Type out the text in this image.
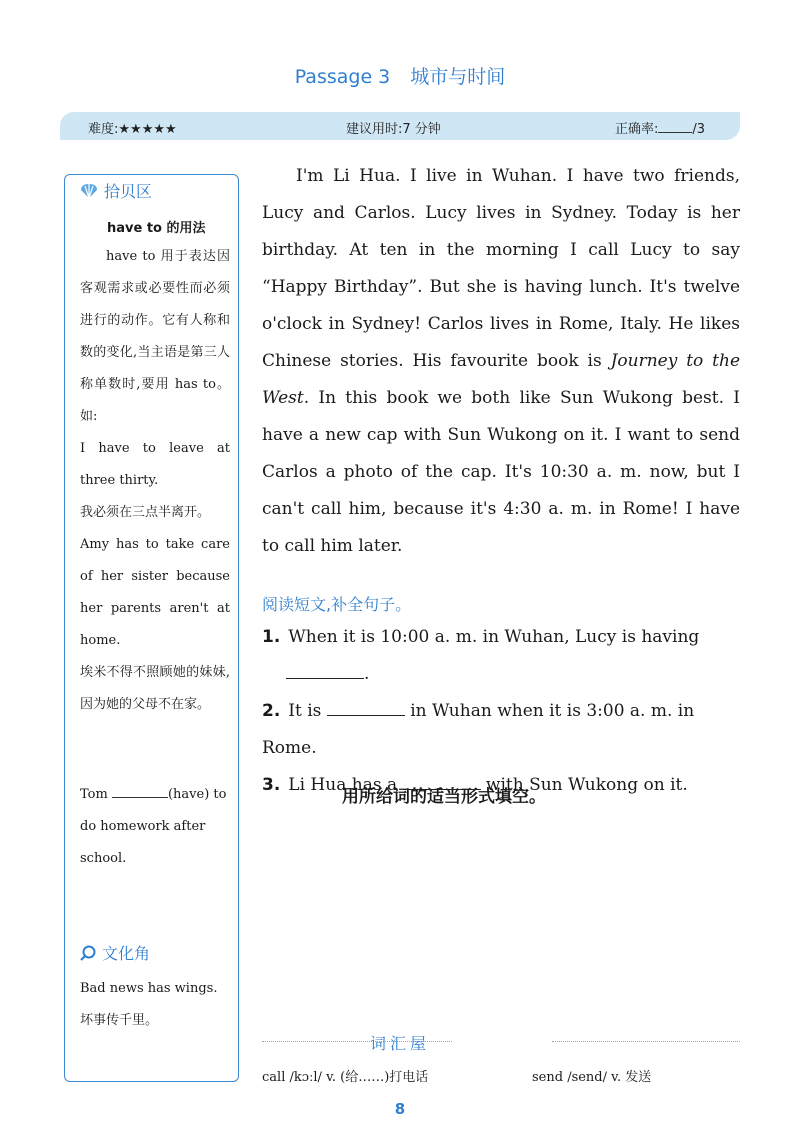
Passage 3 城市与时间
难度:★★★★★	建议用时:7 分钟	正确率:	/3
拾贝区
have to 的用法

have to 用于表达因客观需求或必要性而必须进行的动作。它有人称和数的变化,当主语是第三人称单数时,要用 has to。如:

I have to leave at three thirty.

我必须在三点半离开。

Amy has to take care of her sister because her parents aren't at home.

埃米不得不照顾她的妹妹,因为她的父母不在家。

用所给词的适当形式填空。

Tom	(have) to do homework after school.

文化角

Bad news has wings.

坏事传千里。

I'm Li Hua. I live in Wuhan. I have two friends, Lucy and Carlos. Lucy lives in Sydney. Today is her birthday. At ten in the morning I call Lucy to say “Happy Birthday”. But she is having lunch. It's twelve o'clock in Sydney! Carlos lives in Rome, Italy. He likes Chinese stories. His favourite book is Journey to the West. In this book we both like Sun Wukong best. I have a new cap with Sun Wukong on it. I want to send Carlos a photo of the cap. It's 10:30 a. m. now, but I can't call him, because it's 4:30 a. m. in Rome! I have to call him later.

阅读短文,补全句子。
1. When it is 10:00 a. m. in Wuhan, Lucy is having
.
2. It is	in Wuhan when it is 3:00 a. m. in Rome.
3. Li Hua has a	with Sun Wukong on it.
词汇屋
call /kɔːl/ v. (给……)打电话	send /send/ v. 发送
8
